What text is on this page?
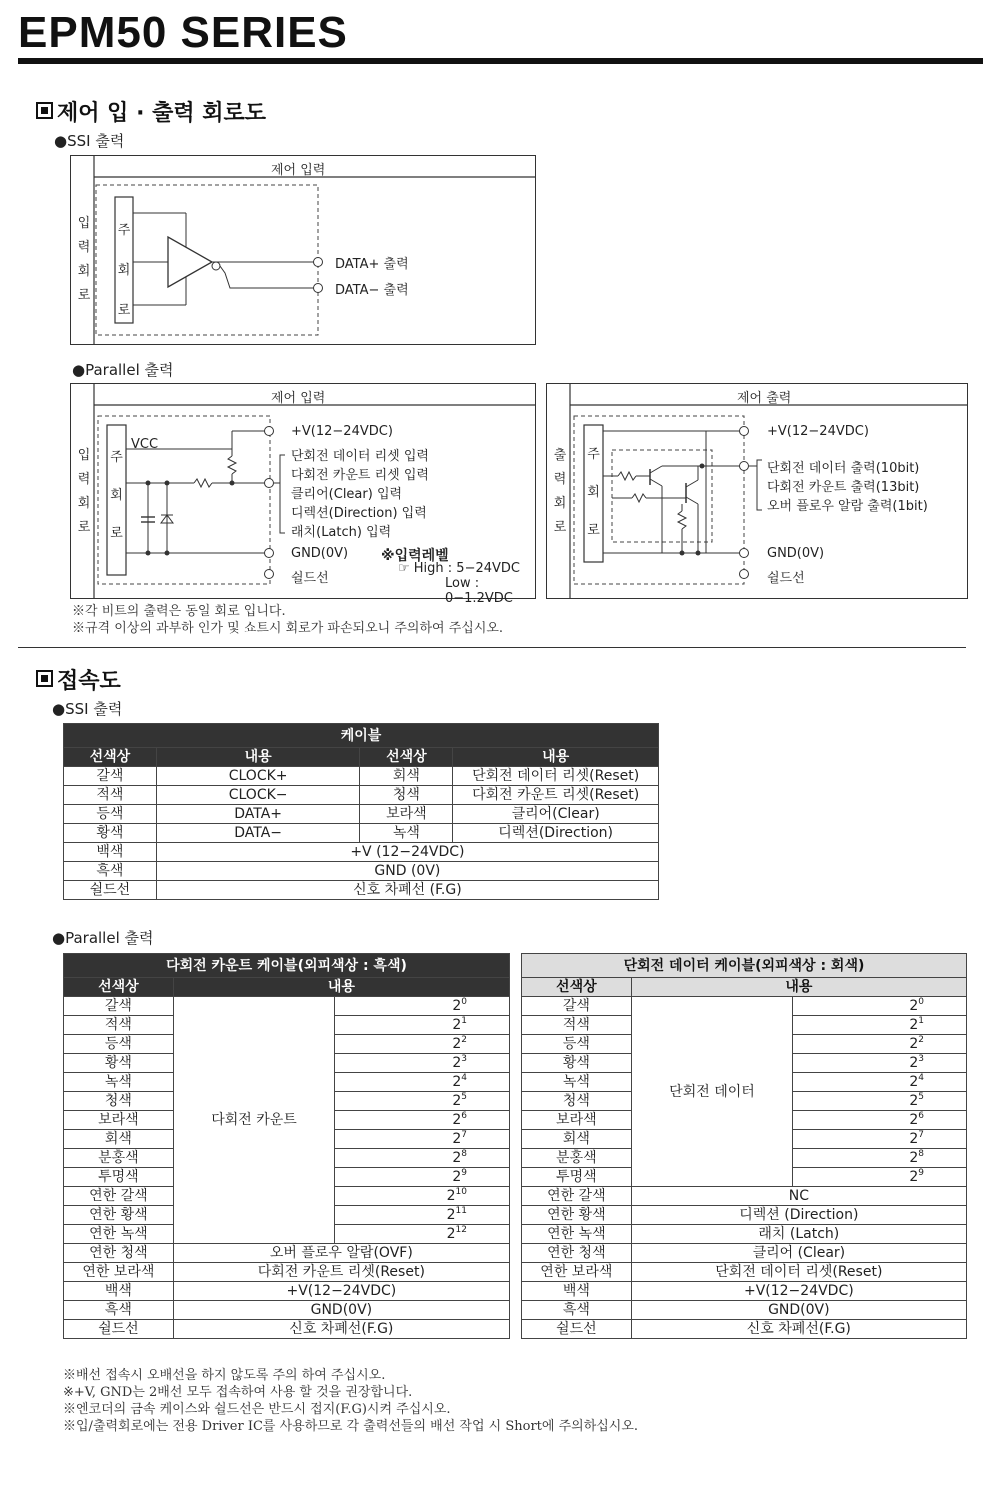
EPM50 SERIES
제어 입 · 출력 회로도
●SSI 출력
제어 입력
입
력
회
로
주
회
로
DATA+ 출력
DATA− 출력
●Parallel 출력
제어 입력
입
력
회
로
주
회
로
VCC
+V(12−24VDC)
단회전 데이터 리셋 입력
다회전 카운트 리셋 입력
클리어(Clear) 입력
디렉션(Direction) 입력
래치(Latch) 입력
GND(0V)
쉴드선
※입력레벨
☞ High : 5−24VDC
Low : 0−1.2VDC
제어 출력
출
력
회
로
주
회
로
+V(12−24VDC)
단회전 데이터 출력(10bit)
다회전 카운트 출력(13bit)
오버 플로우 알람 출력(1bit)
GND(0V)
쉴드선
※각 비트의 출력은 동일 회로 입니다.
※규격 이상의 과부하 인가 및 쇼트시 회로가 파손되오니 주의하여 주십시오.
접속도
●SSI 출력
케이블			
선색상	내용	선색상	내용
갈색	CLOCK+	회색	단회전 데이터 리셋(Reset)
적색	CLOCK−	청색	다회전 카운트 리셋(Reset)
등색	DATA+	보라색	클리어(Clear)
황색	DATA−	녹색	디렉션(Direction)
백색	+V (12−24VDC)		
흑색	GND (0V)		
쉴드선	신호 차폐선 (F.G)		
●Parallel 출력
다회전 카운트 케이블(외피색상 : 흑색)		
선색상	내용	
갈색	다회전 카운트	$2^0$
적색		$2^1$
등색		$2^2$
황색		$2^3$
녹색		$2^4$
청색		$2^5$
보라색		$2^6$
회색		$2^7$
분홍색		$2^8$
투명색		$2^9$
연한 갈색		$2^{10}$
연한 황색		$2^{11}$
연한 녹색		$2^{12}$
연한 청색	오버 플로우 알람(OVF)	
연한 보라색	다회전 카운트 리셋(Reset)	
백색	+V(12−24VDC)	
흑색	GND(0V)	
쉴드선	신호 차폐선(F.G)	
단회전 데이터 케이블(외피색상 : 회색)		
선색상	내용	
갈색	단회전 데이터	$2^0$
적색		$2^1$
등색		$2^2$
황색		$2^3$
녹색		$2^4$
청색		$2^5$
보라색		$2^6$
회색		$2^7$
분홍색		$2^8$
투명색		$2^9$
연한 갈색	NC	
연한 황색	디렉션 (Direction)	
연한 녹색	래치 (Latch)	
연한 청색	클리어 (Clear)	
연한 보라색	단회전 데이터 리셋(Reset)	
백색	+V(12−24VDC)	
흑색	GND(0V)	
쉴드선	신호 차폐선(F.G)	
※배선 접속시 오배선을 하지 않도록 주의 하여 주십시오.
※+V, GND는 2배선 모두 접속하여 사용 할 것을 권장합니다.
※엔코더의 금속 케이스와 쉴드선은 반드시 접지(F.G)시켜 주십시오.
※입/출력회로에는 전용 Driver IC를 사용하므로 각 출력선들의 배선 작업 시 Short에 주의하십시오.
